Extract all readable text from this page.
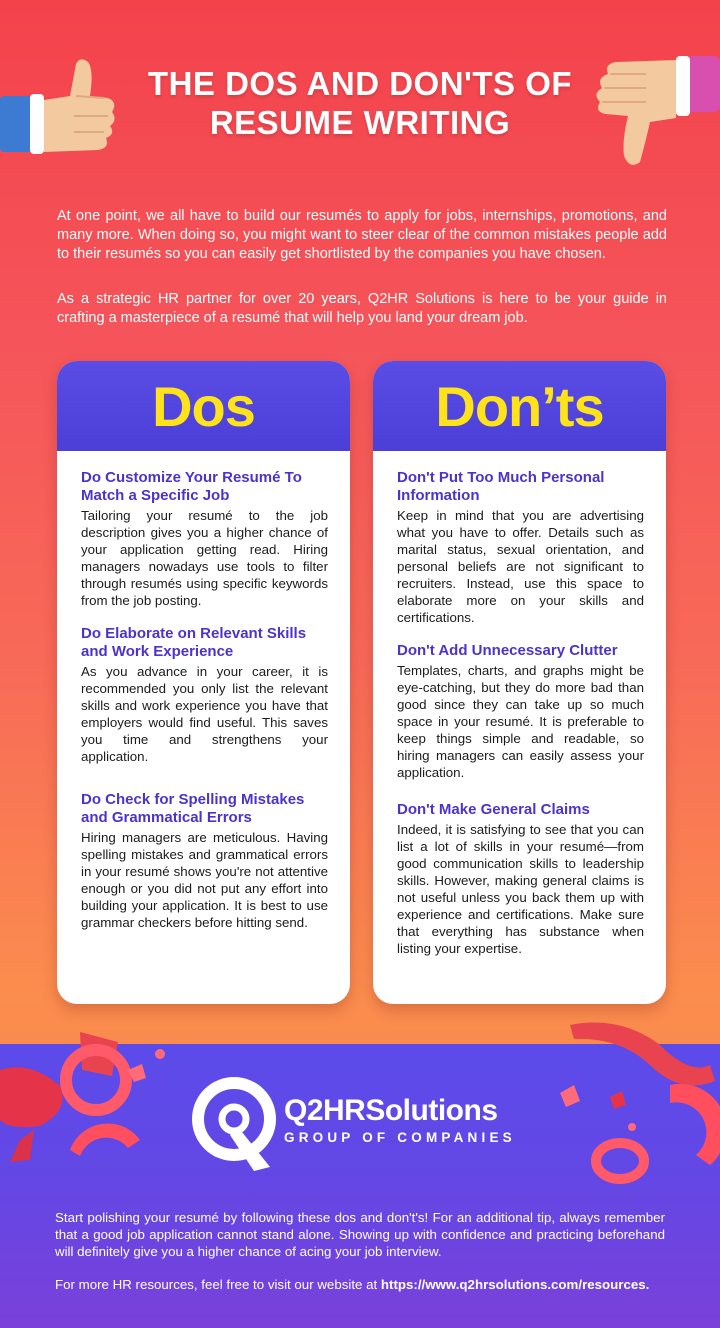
THE DOS AND DON'TS OF
RESUME WRITING

At one point, we all have to build our resumés to apply for jobs, internships, promotions, and many more. When doing so, you might want to steer clear of the common mistakes people add to their resumés so you can easily get shortlisted by the companies you have chosen.

As a strategic HR partner for over 20 years, Q2HR Solutions is here to be your guide in crafting a masterpiece of a resumé that will help you land your dream job.

Dos
Do Customize Your Resumé To Match a Specific Job

Tailoring your resumé to the job description gives you a higher chance of your application getting read. Hiring managers nowadays use tools to filter through resumés using specific keywords from the job posting.

Do Elaborate on Relevant Skills and Work Experience

As you advance in your career, it is recommended you only list the relevant skills and work experience you have that employers would find useful. This saves you time and strengthens your application.

Do Check for Spelling Mistakes and Grammatical Errors

Hiring managers are meticulous. Having spelling mistakes and grammatical errors in your resumé shows you're not attentive enough or you did not put any effort into building your application. It is best to use grammar checkers before hitting send.

Don’ts
Don't Put Too Much Personal Information

Keep in mind that you are advertising what you have to offer. Details such as marital status, sexual orientation, and personal beliefs are not significant to recruiters. Instead, use this space to elaborate more on your skills and certifications.

Don't Add Unnecessary Clutter

Templates, charts, and graphs might be eye-catching, but they do more bad than good since they can take up so much space in your resumé. It is preferable to keep things simple and readable, so hiring managers can easily assess your application.

Don't Make General Claims

Indeed, it is satisfying to see that you can list a lot of skills in your resumé—from good communication skills to leadership skills. However, making general claims is not useful unless you back them up with experience and certifications. Make sure that everything has substance when listing your expertise.

Q2HRSolutions
GROUP OF COMPANIES

Start polishing your resumé by following these dos and don't's! For an additional tip, always remember that a good job application cannot stand alone. Showing up with confidence and practicing beforehand will definitely give you a higher chance of acing your job interview.

For more HR resources, feel free to visit our website at https://www.q2hrsolutions.com/resources.
